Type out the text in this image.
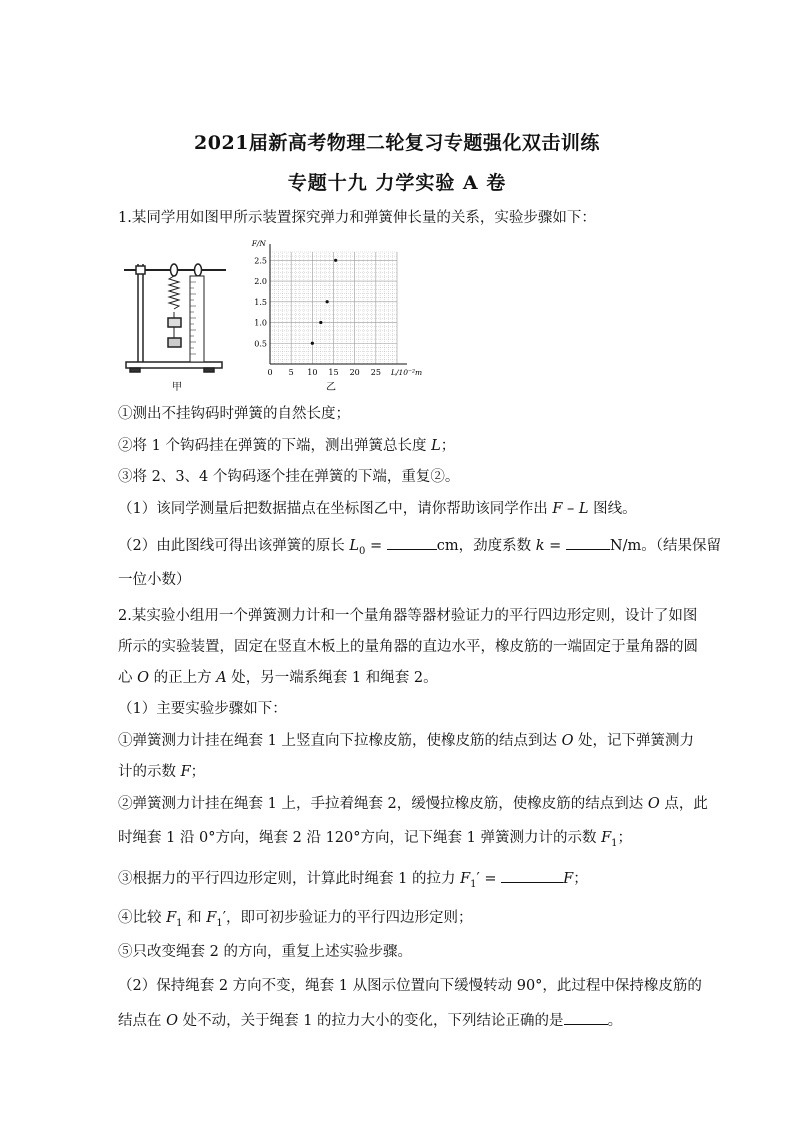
2021届新高考物理二轮复习专题强化双击训练
专题十九 力学实验 A 卷
1.某同学用如图甲所示装置探究弹力和弹簧伸长量的关系，实验步骤如下：
甲
0 5 10 15 20 25
0.5
1.0
1.5
2.0
2.5
L/10⁻²m
F/N
乙
①测出不挂钩码时弹簧的自然长度；
②将 1 个钩码挂在弹簧的下端，测出弹簧总长度 L；
③将 2、3、4 个钩码逐个挂在弹簧的下端，重复②。
（1）该同学测量后把数据描点在坐标图乙中，请你帮助该同学作出 F – L 图线。
（2）由此图线可得出该弹簧的原长 $L_0$ =	cm，劲度系数 k =	N/m。（结果保留
一位小数）
2.某实验小组用一个弹簧测力计和一个量角器等器材验证力的平行四边形定则，设计了如图
所示的实验装置，固定在竖直木板上的量角器的直边水平，橡皮筋的一端固定于量角器的圆
心 O 的正上方 A 处，另一端系绳套 1 和绳套 2。
（1）主要实验步骤如下：
①弹簧测力计挂在绳套 1 上竖直向下拉橡皮筋，使橡皮筋的结点到达 O 处，记下弹簧测力
计的示数 F；
②弹簧测力计挂在绳套 1 上，手拉着绳套 2，缓慢拉橡皮筋，使橡皮筋的结点到达 O 点，此
时绳套 1 沿 0°方向，绳套 2 沿 120°方向，记下绳套 1 弹簧测力计的示数 $F_1$；
③根据力的平行四边形定则，计算此时绳套 1 的拉力 $F_1'$ =	F；
④比较 $F_1$ 和 $F_1'$，即可初步验证力的平行四边形定则；
⑤只改变绳套 2 的方向，重复上述实验步骤。
（2）保持绳套 2 方向不变，绳套 1 从图示位置向下缓慢转动 90°，此过程中保持橡皮筋的
结点在 O 处不动，关于绳套 1 的拉力大小的变化，下列结论正确的是	。
